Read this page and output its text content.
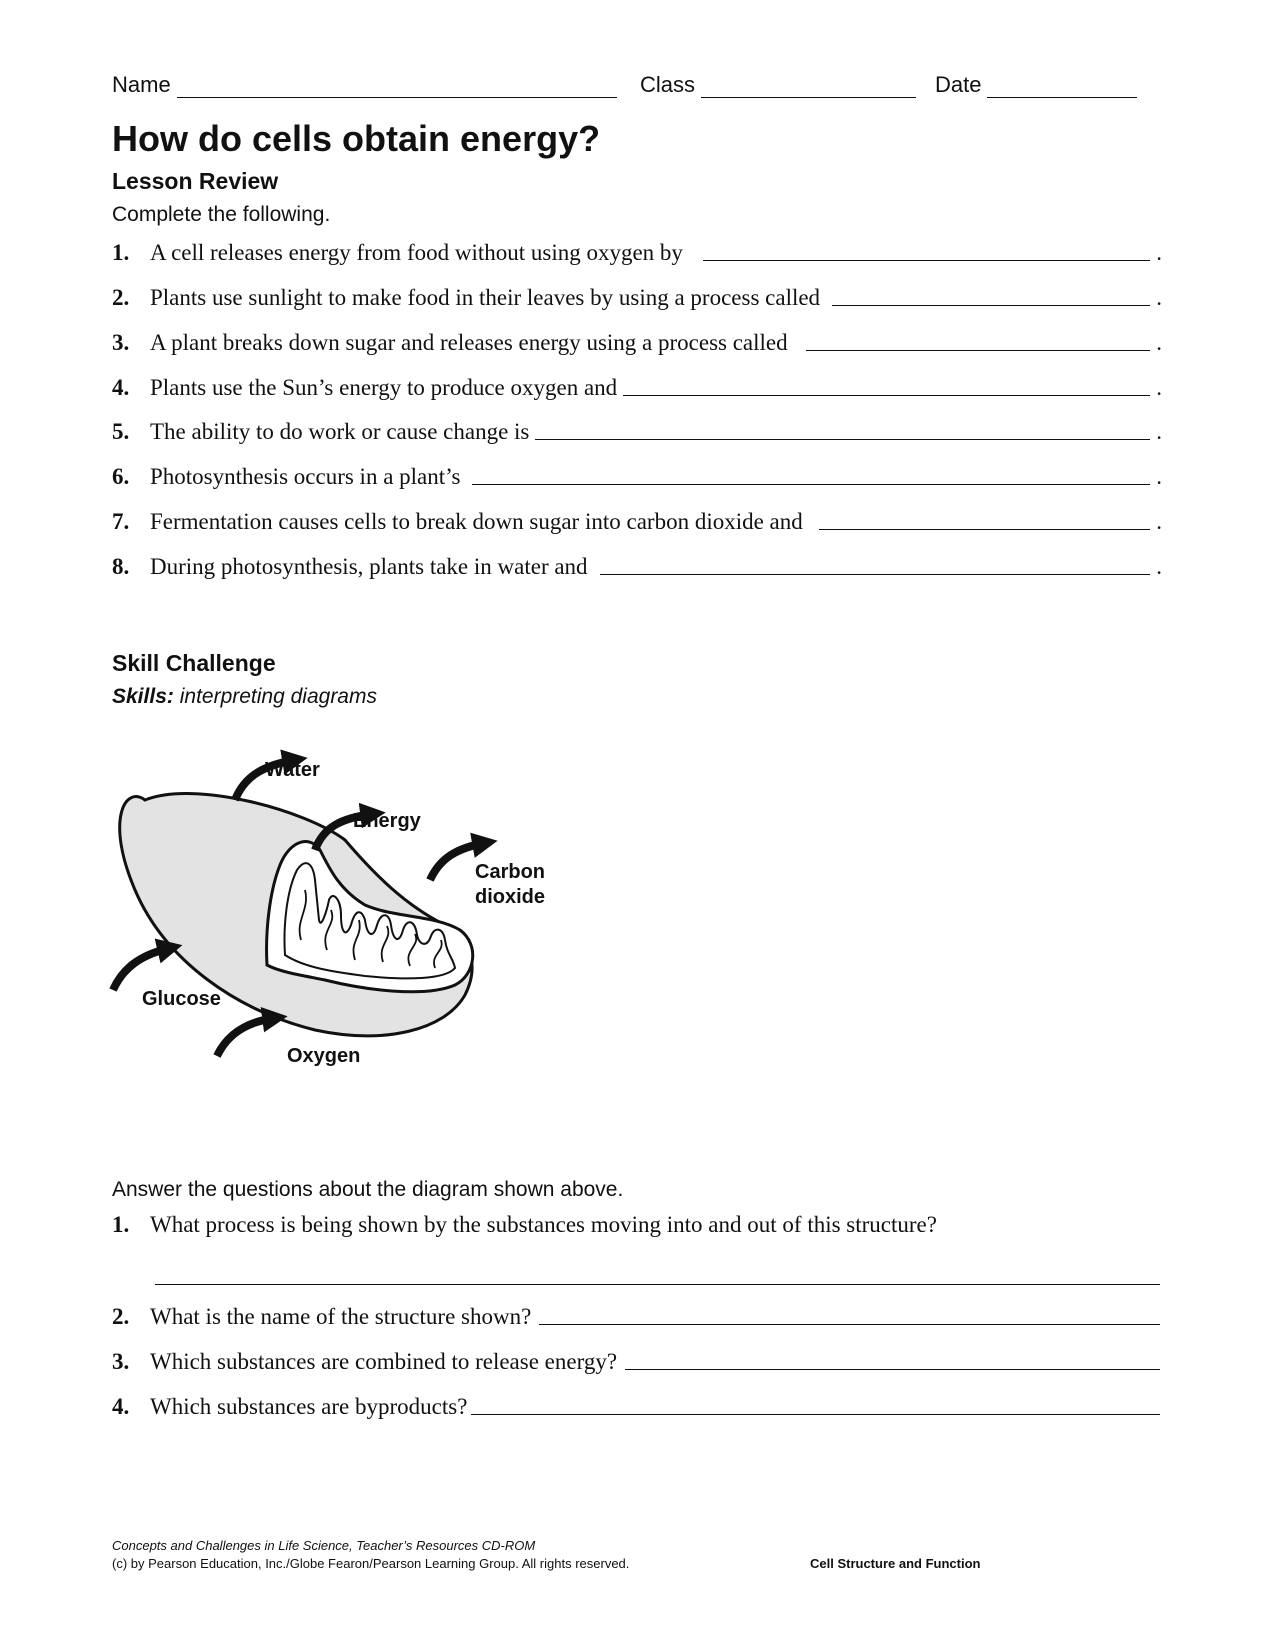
Name	Class	Date
How do cells obtain energy?
Lesson Review
Complete the following.
1. A cell releases energy from food without using oxygen by	.
2. Plants use sunlight to make food in their leaves by using a process called	.
3. A plant breaks down sugar and releases energy using a process called	.
4. Plants use the Sun’s energy to produce oxygen and	.
5. The ability to do work or cause change is	.
6. Photosynthesis occurs in a plant’s	.
7. Fermentation causes cells to break down sugar into carbon dioxide and	.
8. During photosynthesis, plants take in water and	.
Skill Challenge
Skills: interpreting diagrams
Water
Energy
Carbon
dioxide
Glucose
Oxygen
Answer the questions about the diagram shown above.
1. What process is being shown by the substances moving into and out of this structure?
2. What is the name of the structure shown?
3. Which substances are combined to release energy?
4. Which substances are byproducts?
Concepts and Challenges in Life Science, Teacher’s Resources CD-ROM
(c) by Pearson Education, Inc./Globe Fearon/Pearson Learning Group. All rights reserved.	Cell Structure and Function
